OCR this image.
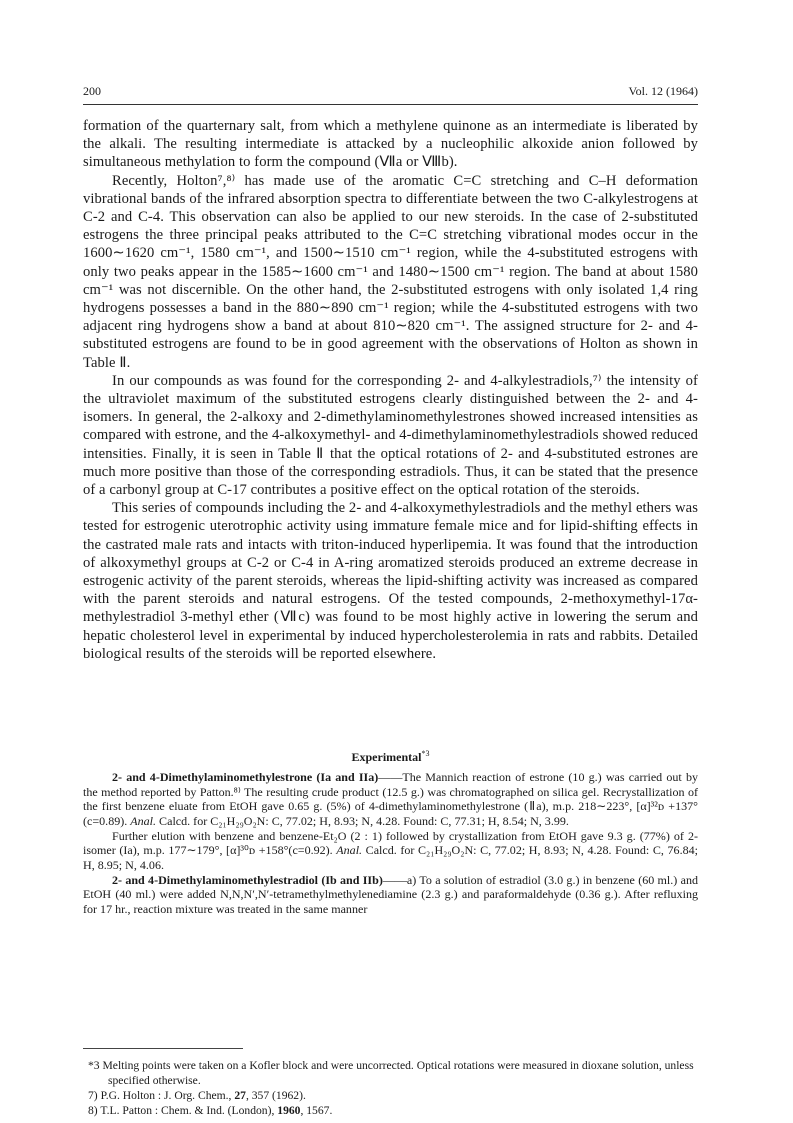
200	Vol. 12 (1964)

formation of the quarternary salt, from which a methylene quinone as an intermediate is liberated by the alkali. The resulting intermediate is attacked by a nucleophilic alkoxide anion followed by simultaneous methylation to form the compound (Ⅶa or Ⅷb).

Recently, Holton⁷,⁸⁾ has made use of the aromatic C=C stretching and C–H deformation vibrational bands of the infrared absorption spectra to differentiate between the two C-alkylestrogens at C-2 and C-4. This observation can also be applied to our new steroids. In the case of 2-substituted estrogens the three principal peaks attributed to the C=C stretching vibrational modes occur in the 1600∼1620 cm⁻¹, 1580 cm⁻¹, and 1500∼1510 cm⁻¹ region, while the 4-substituted estrogens with only two peaks appear in the 1585∼1600 cm⁻¹ and 1480∼1500 cm⁻¹ region. The band at about 1580 cm⁻¹ was not discernible. On the other hand, the 2-substituted estrogens with only isolated 1,4 ring hydrogens possesses a band in the 880∼890 cm⁻¹ region; while the 4-substituted estrogens with two adjacent ring hydrogens show a band at about 810∼820 cm⁻¹. The assigned structure for 2- and 4-substituted estrogens are found to be in good agreement with the observations of Holton as shown in Table Ⅱ.

In our compounds as was found for the corresponding 2- and 4-alkylestradiols,⁷⁾ the intensity of the ultraviolet maximum of the substituted estrogens clearly distinguished between the 2- and 4-isomers. In general, the 2-alkoxy and 2-dimethylaminomethylestrones showed increased intensities as compared with estrone, and the 4-alkoxymethyl- and 4-dimethylaminomethylestradiols showed reduced intensities. Finally, it is seen in Table Ⅱ that the optical rotations of 2- and 4-substituted estrones are much more positive than those of the corresponding estradiols. Thus, it can be stated that the presence of a carbonyl group at C-17 contributes a positive effect on the optical rotation of the steroids.

This series of compounds including the 2- and 4-alkoxymethylestradiols and the methyl ethers was tested for estrogenic uterotrophic activity using immature female mice and for lipid-shifting effects in the castrated male rats and intacts with triton-induced hyperlipemia. It was found that the introduction of alkoxymethyl groups at C-2 or C-4 in A-ring aromatized steroids produced an extreme decrease in estrogenic activity of the parent steroids, whereas the lipid-shifting activity was increased as compared with the parent steroids and natural estrogens. Of the tested compounds, 2-methoxymethyl-17α-methylestradiol 3-methyl ether (Ⅶc) was found to be most highly active in lowering the serum and hepatic cholesterol level in experimental by induced hypercholesterolemia in rats and rabbits. Detailed biological results of the steroids will be reported elsewhere.

Experimental$^{*3}$

2- and 4-Dimethylaminomethylestrone (Ia and IIa)——The Mannich reaction of estrone (10 g.) was carried out by the method reported by Patton.⁸⁾ The resulting crude product (12.5 g.) was chromatographed on silica gel. Recrystallization of the first benzene eluate from EtOH gave 0.65 g. (5%) of 4-dimethylaminomethylestrone (Ⅱa), m.p. 218∼223°, [α]³²ᴅ +137°(c=0.89). Anal. Calcd. for C₂₁H₂₉O₂N: C, 77.02; H, 8.93; N, 4.28. Found: C, 77.31; H, 8.54; N, 3.99.

Further elution with benzene and benzene-Et₂O (2 : 1) followed by crystallization from EtOH gave 9.3 g. (77%) of 2-isomer (Ia), m.p. 177∼179°, [α]³⁰ᴅ +158°(c=0.92). Anal. Calcd. for C₂₁H₂₉O₂N: C, 77.02; H, 8.93; N, 4.28. Found: C, 76.84; H, 8.95; N, 4.06.

2- and 4-Dimethylaminomethylestradiol (Ib and IIb)——a) To a solution of estradiol (3.0 g.) in benzene (60 ml.) and EtOH (40 ml.) were added N,N,N′,N′-tetramethylmethylenediamine (2.3 g.) and paraformaldehyde (0.36 g.). After refluxing for 17 hr., reaction mixture was treated in the same manner

*3 Melting points were taken on a Kofler block and were uncorrected. Optical rotations were measured in dioxane solution, unless specified otherwise.

7) P.G. Holton : J. Org. Chem., 27, 357 (1962).

8) T.L. Patton : Chem. & Ind. (London), 1960, 1567.
